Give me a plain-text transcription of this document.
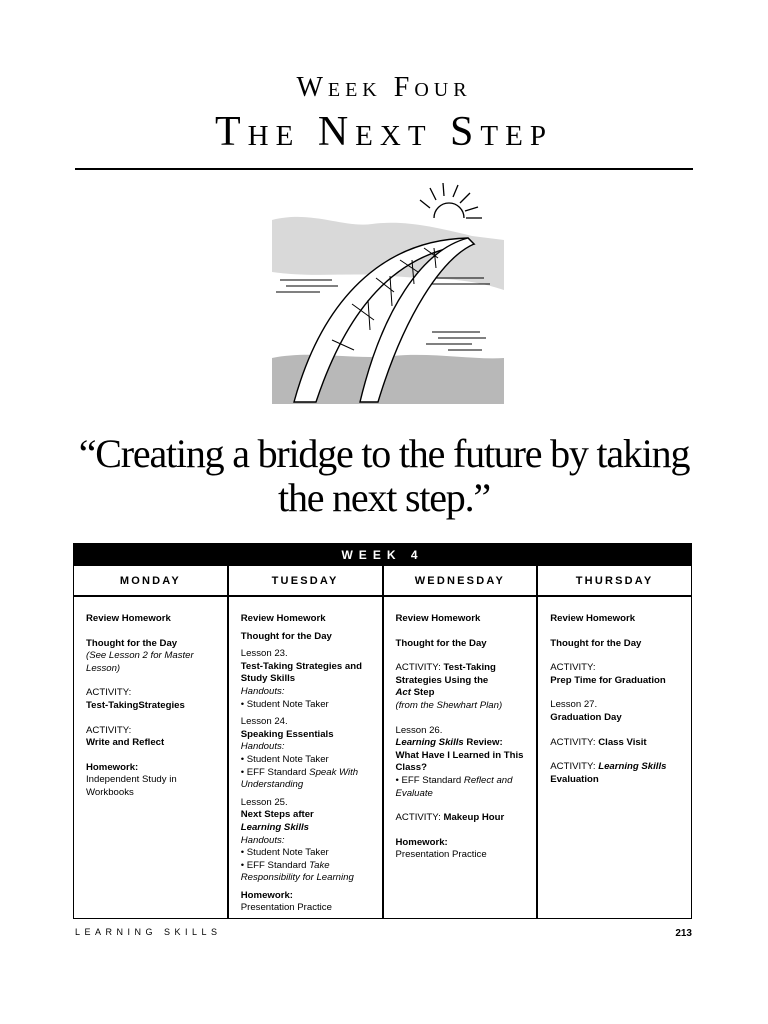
Week Four
The Next Step
“Creating a bridge to the future by taking the next step.”
WEEK 4
MONDAY

Review Homework

Thought for the Day

(See Lesson 2 for Master Lesson)

ACTIVITY:

Test-TakingStrategies

ACTIVITY:

Write and Reflect

Homework:

Independent Study in Workbooks

TUESDAY

Review Homework

Thought for the Day

Lesson 23.

Test-Taking Strategies and Study Skills

Handouts:

• Student Note Taker

Lesson 24.

Speaking Essentials

Handouts:

• Student Note Taker

• EFF Standard Speak With Understanding

Lesson 25.

Next Steps after

Learning Skills

Handouts:

• Student Note Taker

• EFF Standard Take Responsibility for Learning

Homework:

Presentation Practice

WEDNESDAY

Review Homework

Thought for the Day

ACTIVITY: Test-Taking Strategies Using the

Act Step

(from the Shewhart Plan)

Lesson 26.

Learning Skills Review: What Have I Learned in This Class?

• EFF Standard Reflect and Evaluate

ACTIVITY: Makeup Hour

Homework:

Presentation Practice

THURSDAY

Review Homework

Thought for the Day

ACTIVITY:

Prep Time for Graduation

Lesson 27.

Graduation Day

ACTIVITY: Class Visit

ACTIVITY: Learning Skills Evaluation

LEARNING SKILLS	213
